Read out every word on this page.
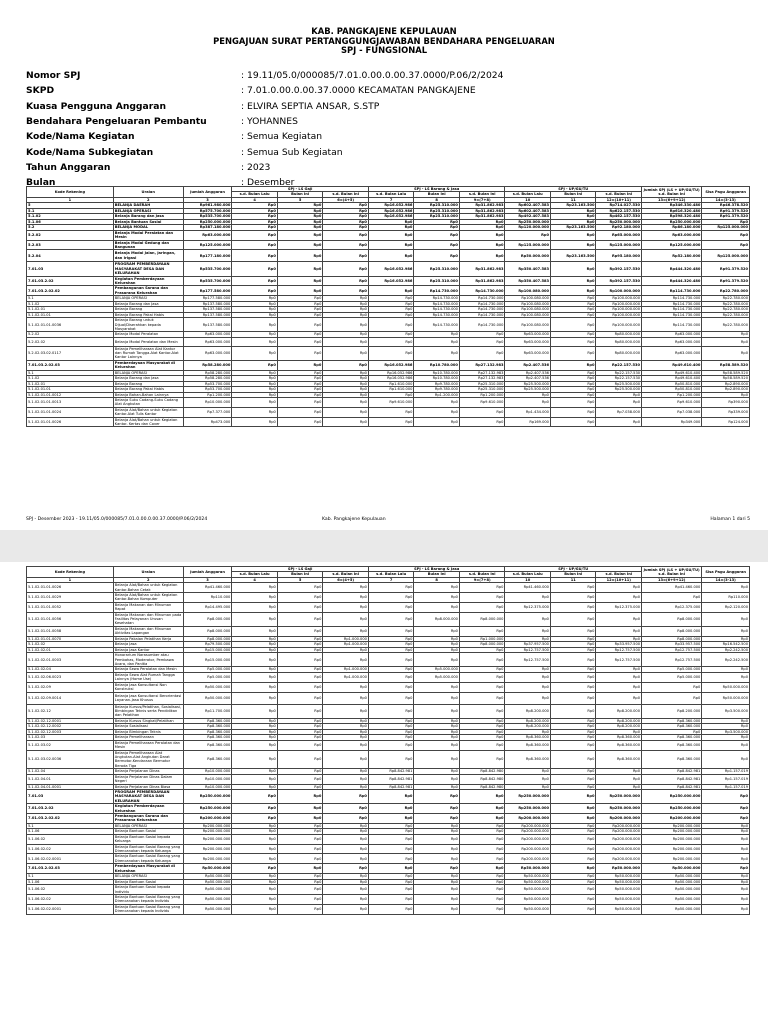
KAB. PANGKAJENE KEPULAUAN
PENGAJUAN SURAT PERTANGGUNGJAWABAN BENDAHARA PENGELUARAN
SPJ - FUNGSIONAL
Nomor SPJ	: 19.11/05.0/000085/7.01.0.00.0.00.37.0000/P.06/2/2024
SKPD	: 7.01.0.00.0.00.37.0000 KECAMATAN PANGKAJENE
Kuasa Pengguna Anggaran	: ELVIRA SEPTIA ANSAR, S.STP
Bendahara Pengeluaran Pembantu	: YOHANNES
Kode/Nama Kegiatan	: Semua Kegiatan
Kode/Nama Subkegiatan	: Semua Sub Kegiatan
Tahun Anggaran	: 2023
Bulan	: Desember
Kode Rekening	Uraian	Jumlah Anggaran	SPJ - LS Gaji			SPJ - LS Barang & Jasa			SPJ - UP/GU/TU			Jumlah SPJ (LS + UP/GU/TU) s.d. Bulan Ini	Sisa Pagu Anggaran
			s.d. Bulan Lalu	Bulan Ini	s.d. Bulan Ini	s.d. Bulan Lalu	Bulan Ini	s.d. Bulan Ini	s.d. Bulan Lalu	Bulan Ini	s.d. Bulan Ini		
1	2	3	4	5	6=(4+5)	7	8	9=(7+8)	10	11	12=(10+11)	13=(6+9+12)	14=(3-13)
5	BELANJA DAERAH	Rp961.980.000	Rp0	Rp0	Rp0	Rp16.052.986	Rp25.310.000	Rp31.862.983	Rp602.407.583	Rp23.163.500	Rp714.027.530	Rp346.330.480	Rp46.378.520
5.1	BELANJA OPERASI	Rp575.700.000	Rp0	Rp0	Rp0	Rp16.052.986	Rp25.310.000	Rp31.862.983	Rp602.407.583	Rp0	Rp622.157.530	Rp616.320.480	Rp91.379.520
5.1.02	Belanja Barang dan Jasa	Rp535.700.000	Rp0	Rp0	Rp0	Rp16.052.986	Rp25.310.000	Rp31.862.983	Rp492.407.583	Rp0	Rp462.157.530	Rp598.320.480	Rp91.379.520
5.1.06	Belanja Bantuan Sosial	Rp250.000.000	Rp0	Rp0	Rp0	Rp0	Rp0	Rp0	Rp250.000.000	Rp0	Rp250.000.000	Rp250.000.000	Rp0
5.2	BELANJA MODAL	Rp387.180.000	Rp0	Rp0	Rp0	Rp0	Rp0	Rp0	Rp120.000.000	Rp23.163.500	Rp92.180.000	Rp86.180.000	Rp125.000.000
5.2.02	Belanja Modal Peralatan dan Mesin	Rp63.000.000	Rp0	Rp0	Rp0	Rp0	Rp0	Rp0	Rp0	Rp0	Rp65.000.000	Rp63.000.000	Rp0
5.2.03	Belanja Modal Gedung dan Bangunan	Rp125.000.000	Rp0	Rp0	Rp0	Rp0	Rp0	Rp0	Rp125.000.000	Rp0	Rp125.000.000	Rp125.000.000	Rp0
5.2.04	Belanja Modal Jalan, Jaringan, dan Irigasi	Rp177.180.000	Rp0	Rp0	Rp0	Rp0	Rp0	Rp0	Rp50.000.000	Rp23.163.500	Rp95.180.000	Rp52.180.000	Rp125.000.000
7.01.03	PROGRAM PEMBERDAYAAN MASYARAKAT DESA DAN KELURAHAN	Rp535.700.000	Rp0	Rp0	Rp0	Rp16.052.986	Rp25.310.000	Rp31.862.983	Rp350.407.583	Rp0	Rp392.157.530	Rp444.320.480	Rp91.379.520
7.01.03.2.02	Kegiatan Pemberdayaan Kelurahan	Rp535.700.000	Rp0	Rp0	Rp0	Rp16.052.986	Rp25.310.000	Rp31.862.983	Rp350.407.583	Rp0	Rp392.157.530	Rp444.320.480	Rp91.379.520
7.01.03.2.02.02	Pembangunan Sarana dan Prasarana Kelurahan	Rp177.580.000	Rp0	Rp0	Rp0	Rp0	Rp14.730.000	Rp14.730.000	Rp100.080.000	Rp0	Rp100.000.000	Rp114.730.000	Rp22.780.000
5.1	BELANJA OPERASI	Rp177.580.000	Rp0	Rp0	Rp0	Rp0	Rp14.730.000	Rp14.730.000	Rp100.080.000	Rp0	Rp100.000.000	Rp114.730.000	Rp22.780.000
5.1.02	Belanja Barang dan Jasa	Rp137.580.000	Rp0	Rp0	Rp0	Rp0	Rp14.730.000	Rp14.730.000	Rp100.080.000	Rp0	Rp100.000.000	Rp114.730.000	Rp22.780.000
5.1.02.01	Belanja Barang	Rp137.580.000	Rp0	Rp0	Rp0	Rp0	Rp14.730.000	Rp14.730.000	Rp100.080.000	Rp0	Rp100.000.000	Rp114.730.000	Rp22.780.000
5.1.02.01.01	Belanja Barang Pakai Habis	Rp137.580.000	Rp0	Rp0	Rp0	Rp0	Rp14.730.000	Rp14.730.000	Rp100.080.000	Rp0	Rp100.000.000	Rp114.730.000	Rp22.780.000
5.1.02.01.01.0036	Belanja Barang untuk Dijual/Diserahkan kepada Masyarakat	Rp137.580.000	Rp0	Rp0	Rp0	Rp0	Rp14.730.000	Rp14.730.000	Rp100.080.000	Rp0	Rp100.000.000	Rp114.730.000	Rp22.780.000
5.2.02	Belanja Modal Peralatan	Rp63.000.000	Rp0	Rp0	Rp0	Rp0	Rp0	Rp0	Rp63.000.000	Rp0	Rp80.000.000	Rp63.000.000	Rp0
5.2.02.02	Belanja Modal Peralatan dan Mesin	Rp63.000.000	Rp0	Rp0	Rp0	Rp0	Rp0	Rp0	Rp63.000.000	Rp0	Rp80.000.000	Rp63.000.000	Rp0
5.2.02.03.02.0117	Belanja Pemeliharaan Alat Kantor dan Rumah Tangga-Alat Kantor-Alat Kantor Lainnya	Rp63.000.000	Rp0	Rp0	Rp0	Rp0	Rp0	Rp0	Rp63.000.000	Rp0	Rp80.000.000	Rp63.000.000	Rp0
7.01.03.2.02.03	Pemberdayaan Masyarakat di Kelurahan	Rp58.280.000	Rp0	Rp0	Rp0	Rp16.052.986	Rp10.780.000	Rp27.132.983	Rp2.407.536	Rp0	Rp22.157.530	Rp49.610.400	Rp58.589.520
5.1	BELANJA OPERASI	Rp58.280.000	Rp0	Rp0	Rp0	Rp16.052.986	Rp10.780.000	Rp27.132.983	Rp2.407.536	Rp0	Rp22.157.530	Rp49.610.400	Rp58.589.520
5.1.02	Belanja Barang dan Jasa	Rp58.280.000	Rp0	Rp0	Rp0	Rp16.052.986	Rp10.780.000	Rp27.132.983	Rp2.407.536	Rp0	Rp22.157.530	Rp49.610.400	Rp58.589.520
5.1.02.01	Belanja Barang	Rp53.700.000	Rp0	Rp0	Rp0	Rp1.610.000	Rp9.780.000	Rp25.310.000	Rp25.500.000	Rp0	Rp25.500.000	Rp50.810.000	Rp2.890.000
5.1.02.01.01	Belanja Barang Pakai Habis	Rp53.700.000	Rp0	Rp0	Rp0	Rp1.610.000	Rp9.780.000	Rp25.310.000	Rp25.500.000	Rp0	Rp25.500.000	Rp50.810.000	Rp2.890.000
5.1.02.01.01.0012	Belanja Bahan-Bahan Lainnya	Rp1.200.000	Rp0	Rp0	Rp0	Rp0	Rp1.200.000	Rp1.200.000	Rp0	Rp0	Rp0	Rp1.200.000	Rp0
5.1.02.01.01.0013	Belanja Suku Cadang-Suku Cadang Alat Angkutan	Rp10.000.000	Rp0	Rp0	Rp0	Rp9.610.000	Rp0	Rp9.610.000	Rp0	Rp0	Rp0	Rp9.610.000	Rp390.000
5.1.02.01.01.0024	Belanja Alat/Bahan untuk Kegiatan Kantor-Alat Tulis Kantor	Rp7.377.000	Rp0	Rp0	Rp0	Rp0	Rp0	Rp0	Rp1.434.000	Rp0	Rp7.038.000	Rp7.038.000	Rp339.000
5.1.02.01.01.0026	Belanja Alat/Bahan untuk Kegiatan Kantor- Kertas dan Cover	Rp473.000	Rp0	Rp0	Rp0	Rp0	Rp0	Rp0	Rp169.000	Rp0	Rp0	Rp349.000	Rp124.000
SPJ - Desember 2023 - 19.11/05.0/000085/7.01.0.00.0.00.37.0000/P.06/2/2024	Kab. Pangkajene Kepulauan	Halaman 1 dari 5
Kode Rekening	Uraian	Jumlah Anggaran	SPJ - LS Gaji			SPJ - LS Barang & Jasa			SPJ - UP/GU/TU			Jumlah SPJ (LS + UP/GU/TU) s.d. Bulan Ini	Sisa Pagu Anggaran
			s.d. Bulan Lalu	Bulan Ini	s.d. Bulan Ini	s.d. Bulan Lalu	Bulan Ini	s.d. Bulan Ini	s.d. Bulan Lalu	Bulan Ini	s.d. Bulan Ini		
1	2	3	4	5	6=(4+5)	7	8	9=(7+8)	10	11	12=(10+11)	13=(6+9+12)	14=(3-13)
5.1.02.01.01.0026	Belanja Alat/Bahan untuk Kegiatan Kantor-Bahan Cetak	Rp41.460.000	Rp0	Rp0	Rp0	Rp0	Rp0	Rp0	Rp41.460.000	Rp0	Rp0	Rp41.460.000	Rp0
5.1.02.01.01.0029	Belanja Alat/Bahan untuk Kegiatan Kantor-Bahan Komputer	Rp110.000	Rp0	Rp0	Rp0	Rp0	Rp0	Rp0	Rp0	Rp0	Rp0	Rp0	Rp110.000
5.1.02.01.01.0052	Belanja Makanan dan Minuman Rapat	Rp14.495.000	Rp0	Rp0	Rp0	Rp0	Rp0	Rp0	Rp12.375.000	Rp0	Rp12.375.000	Rp12.375.000	Rp2.120.000
5.1.02.01.01.0056	Belanja Makanan dan Minuman pada Fasilitas Pelayanan Urusan Kesehatan	Rp8.000.000	Rp0	Rp0	Rp0	Rp0	Rp8.000.000	Rp8.000.000	Rp0	Rp0	Rp0	Rp8.000.000	Rp0
5.1.02.01.01.0058	Belanja Makanan dan Minuman Aktivitas Lapangan	Rp8.000.000	Rp0	Rp0	Rp0	Rp0	Rp0	Rp0	Rp0	Rp0	Rp0	Rp8.000.000	Rp0
5.1.02.01.01.0070	Belanja Pakaian Pelatihan Kerja	Rp8.000.000	Rp0	Rp0	Rp1.000.000	Rp0	Rp0	Rp1.000.000	Rp0	Rp0	Rp0	Rp8.000.000	Rp0
5.1.02.02	Belanja Jasa	Rp79.500.000	Rp0	Rp0	Rp1.000.000	Rp0	Rp0	Rp8.000.000	Rp37.957.500	Rp0	Rp33.957.500	Rp33.957.500	Rp16.542.500
5.1.02.02.01	Belanja Jasa Kantor	Rp15.000.000	Rp0	Rp0	Rp0	Rp0	Rp0	Rp0	Rp12.757.500	Rp0	Rp12.757.500	Rp12.757.500	Rp2.242.500
5.1.02.02.01.0003	Honorarium Narasumber atau Pembahas, Moderator, Pembawa Acara, dan Panitia	Rp15.000.000	Rp0	Rp0	Rp0	Rp0	Rp0	Rp0	Rp12.757.500	Rp0	Rp12.757.500	Rp12.757.500	Rp2.242.500
5.1.02.02.04	Belanja Sewa Peralatan dan Mesin	Rp5.000.000	Rp0	Rp0	Rp1.000.000	Rp0	Rp5.000.000	Rp0	Rp0	Rp0	Rp0	Rp5.000.000	Rp0
5.1.02.02.06.0023	Belanja Sewa Alat Rumah Tangga Lainnya (Home Use)	Rp5.000.000	Rp0	Rp0	Rp1.000.000	Rp0	Rp5.000.000	Rp0	Rp0	Rp0	Rp0	Rp5.000.000	Rp0
5.1.02.02.09	Belanja Jasa Konsultansi Non Konstruksi	Rp50.000.000	Rp0	Rp0	Rp0	Rp0	Rp0	Rp0	Rp0	Rp0	Rp0	Rp0	Rp50.000.000
5.1.02.02.09.0014	Belanja Jasa Konsultansi Berorientasi Layanan-Jasa Khusus	Rp50.000.000	Rp0	Rp0	Rp0	Rp0	Rp0	Rp0	Rp0	Rp0	Rp0	Rp0	Rp50.000.000
5.1.02.02.12	Belanja Kursus/Pelatihan, Sosialisasi, Bimbingan Teknis serta Pendidikan dan Pelatihan	Rp11.700.000	Rp0	Rp0	Rp0	Rp0	Rp0	Rp0	Rp8.200.000	Rp0	Rp8.200.000	Rp8.200.000	Rp3.500.000
5.1.02.02.12.0001	Belanja Kursus Singkat/Pelatihan	Rp8.360.000	Rp0	Rp0	Rp0	Rp0	Rp0	Rp0	Rp8.200.000	Rp0	Rp8.200.000	Rp8.360.000	Rp0
5.1.02.02.12.0002	Belanja Sosialisasi	Rp8.360.000	Rp0	Rp0	Rp0	Rp0	Rp0	Rp0	Rp8.200.000	Rp0	Rp8.200.000	Rp8.360.000	Rp0
5.1.02.02.12.0003	Belanja Bimbingan Teknis	Rp8.360.000	Rp0	Rp0	Rp0	Rp0	Rp0	Rp0	Rp0	Rp0	Rp0	Rp0	Rp3.500.000
5.1.02.03	Belanja Pemeliharaan	Rp8.360.000	Rp0	Rp0	Rp0	Rp0	Rp0	Rp0	Rp8.360.000	Rp0	Rp8.360.000	Rp8.360.000	Rp0
5.1.02.03.02	Belanja Pemeliharaan Peralatan dan Mesin	Rp8.360.000	Rp0	Rp0	Rp0	Rp0	Rp0	Rp0	Rp8.360.000	Rp0	Rp8.360.000	Rp8.360.000	Rp0
5.1.02.03.02.0036	Belanja Pemeliharaan Alat Angkutan-Alat Angkutan Darat Bermotor-Kendaraan Bermotor Beroda Tiga	Rp8.360.000	Rp0	Rp0	Rp0	Rp0	Rp0	Rp0	Rp8.360.000	Rp0	Rp8.360.000	Rp8.360.000	Rp0
5.1.02.04	Belanja Perjalanan Dinas	Rp10.000.000	Rp0	Rp0	Rp0	Rp8.842.981	Rp0	Rp8.842.980	Rp0	Rp0	Rp0	Rp8.842.981	Rp1.157.019
5.1.02.04.01	Belanja Perjalanan Dinas Dalam Negeri	Rp10.000.000	Rp0	Rp0	Rp0	Rp8.842.981	Rp0	Rp8.842.980	Rp0	Rp0	Rp0	Rp8.842.981	Rp1.157.019
5.1.02.04.01.0001	Belanja Perjalanan Dinas Biasa	Rp10.000.000	Rp0	Rp0	Rp0	Rp8.842.981	Rp0	Rp8.842.980	Rp0	Rp0	Rp0	Rp8.842.981	Rp1.157.019
7.01.03	PROGRAM PEMBERDAYAAN MASYARAKAT DESA DAN KELURAHAN	Rp250.000.000	Rp0	Rp0	Rp0	Rp0	Rp0	Rp0	Rp250.000.000	Rp0	Rp250.000.000	Rp250.000.000	Rp0
7.01.03.2.02	Kegiatan Pemberdayaan Kelurahan	Rp250.000.000	Rp0	Rp0	Rp0	Rp0	Rp0	Rp0	Rp250.000.000	Rp0	Rp250.000.000	Rp250.000.000	Rp0
7.01.03.2.02.02	Pembangunan Sarana dan Prasarana Kelurahan	Rp200.000.000	Rp0	Rp0	Rp0	Rp0	Rp0	Rp0	Rp200.000.000	Rp0	Rp200.000.000	Rp200.000.000	Rp0
5.1	BELANJA OPERASI	Rp200.000.000	Rp0	Rp0	Rp0	Rp0	Rp0	Rp0	Rp200.000.000	Rp0	Rp200.000.000	Rp200.000.000	Rp0
5.1.06	Belanja Bantuan Sosial	Rp200.000.000	Rp0	Rp0	Rp0	Rp0	Rp0	Rp0	Rp200.000.000	Rp0	Rp200.000.000	Rp200.000.000	Rp0
5.1.06.02	Belanja Bantuan Sosial kepada Keluarga	Rp200.000.000	Rp0	Rp0	Rp0	Rp0	Rp0	Rp0	Rp200.000.000	Rp0	Rp200.000.000	Rp200.000.000	Rp0
5.1.06.02.02	Belanja Bantuan Sosial Barang yang Direncanakan kepada Keluarga	Rp200.000.000	Rp0	Rp0	Rp0	Rp0	Rp0	Rp0	Rp200.000.000	Rp0	Rp200.000.000	Rp200.000.000	Rp0
5.1.06.02.02.0001	Belanja Bantuan Sosial Barang yang Direncanakan kepada Keluarga	Rp200.000.000	Rp0	Rp0	Rp0	Rp0	Rp0	Rp0	Rp200.000.000	Rp0	Rp200.000.000	Rp200.000.000	Rp0
7.01.03.2.02.03	Pemberdayaan Masyarakat di Kelurahan	Rp50.000.000	Rp0	Rp0	Rp0	Rp0	Rp0	Rp0	Rp50.000.000	Rp0	Rp50.000.000	Rp50.000.000	Rp0
5.1	BELANJA OPERASI	Rp50.000.000	Rp0	Rp0	Rp0	Rp0	Rp0	Rp0	Rp50.000.000	Rp0	Rp50.000.000	Rp50.000.000	Rp0
5.1.06	Belanja Bantuan Sosial	Rp50.000.000	Rp0	Rp0	Rp0	Rp0	Rp0	Rp0	Rp50.000.000	Rp0	Rp50.000.000	Rp50.000.000	Rp0
5.1.06.02	Belanja Bantuan Sosial kepada Individu	Rp50.000.000	Rp0	Rp0	Rp0	Rp0	Rp0	Rp0	Rp50.000.000	Rp0	Rp50.000.000	Rp50.000.000	Rp0
5.1.06.02.02	Belanja Bantuan Sosial Barang yang Direncanakan kepada Individu	Rp50.000.000	Rp0	Rp0	Rp0	Rp0	Rp0	Rp0	Rp50.000.000	Rp0	Rp50.000.000	Rp50.000.000	Rp0
5.1.06.02.02.0001	Belanja Bantuan Sosial Barang yang Direncanakan kepada Individu	Rp50.000.000	Rp0	Rp0	Rp0	Rp0	Rp0	Rp0	Rp50.000.000	Rp0	Rp50.000.000	Rp50.000.000	Rp0
